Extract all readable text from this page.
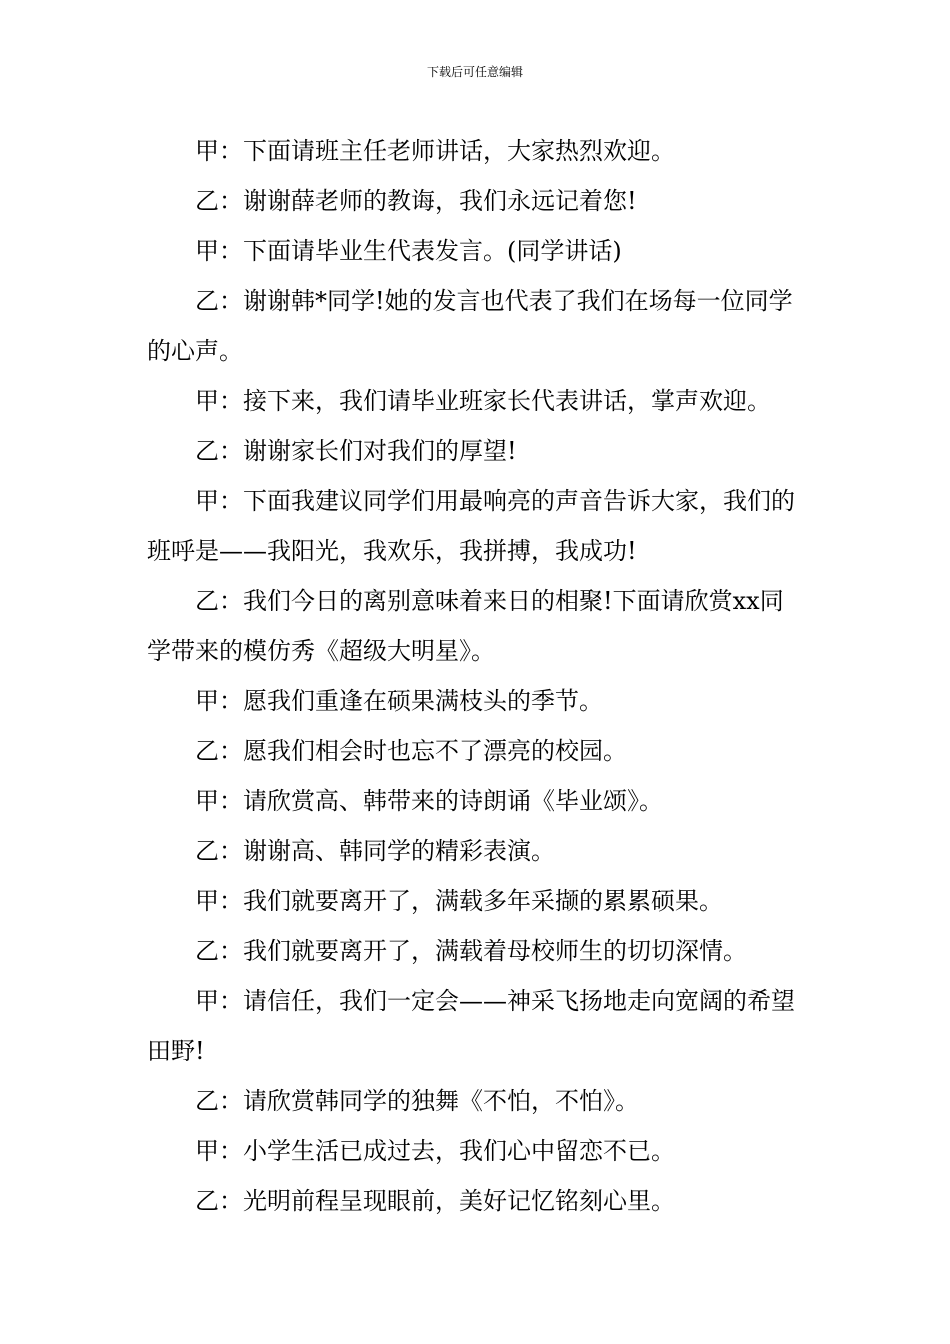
下载后可任意编辑

甲：下面请班主任老师讲话，大家热烈欢迎。

乙：谢谢薛老师的教诲，我们永远记着您!

甲：下面请毕业生代表发言。(同学讲话)

乙：谢谢韩*同学!她的发言也代表了我们在场每一位同学的心声。

甲：接下来，我们请毕业班家长代表讲话，掌声欢迎。

乙：谢谢家长们对我们的厚望!

甲：下面我建议同学们用最响亮的声音告诉大家，我们的班呼是——我阳光，我欢乐，我拼搏，我成功!

乙：我们今日的离别意味着来日的相聚!下面请欣赏xx同学带来的模仿秀《超级大明星》。

甲：愿我们重逢在硕果满枝头的季节。

乙：愿我们相会时也忘不了漂亮的校园。

甲：请欣赏高、韩带来的诗朗诵《毕业颂》。

乙：谢谢高、韩同学的精彩表演。

甲：我们就要离开了，满载多年采撷的累累硕果。

乙：我们就要离开了，满载着母校师生的切切深情。

甲：请信任，我们一定会——神采飞扬地走向宽阔的希望田野!

乙：请欣赏韩同学的独舞《不怕，不怕》。

甲：小学生活已成过去，我们心中留恋不已。

乙：光明前程呈现眼前，美好记忆铭刻心里。
